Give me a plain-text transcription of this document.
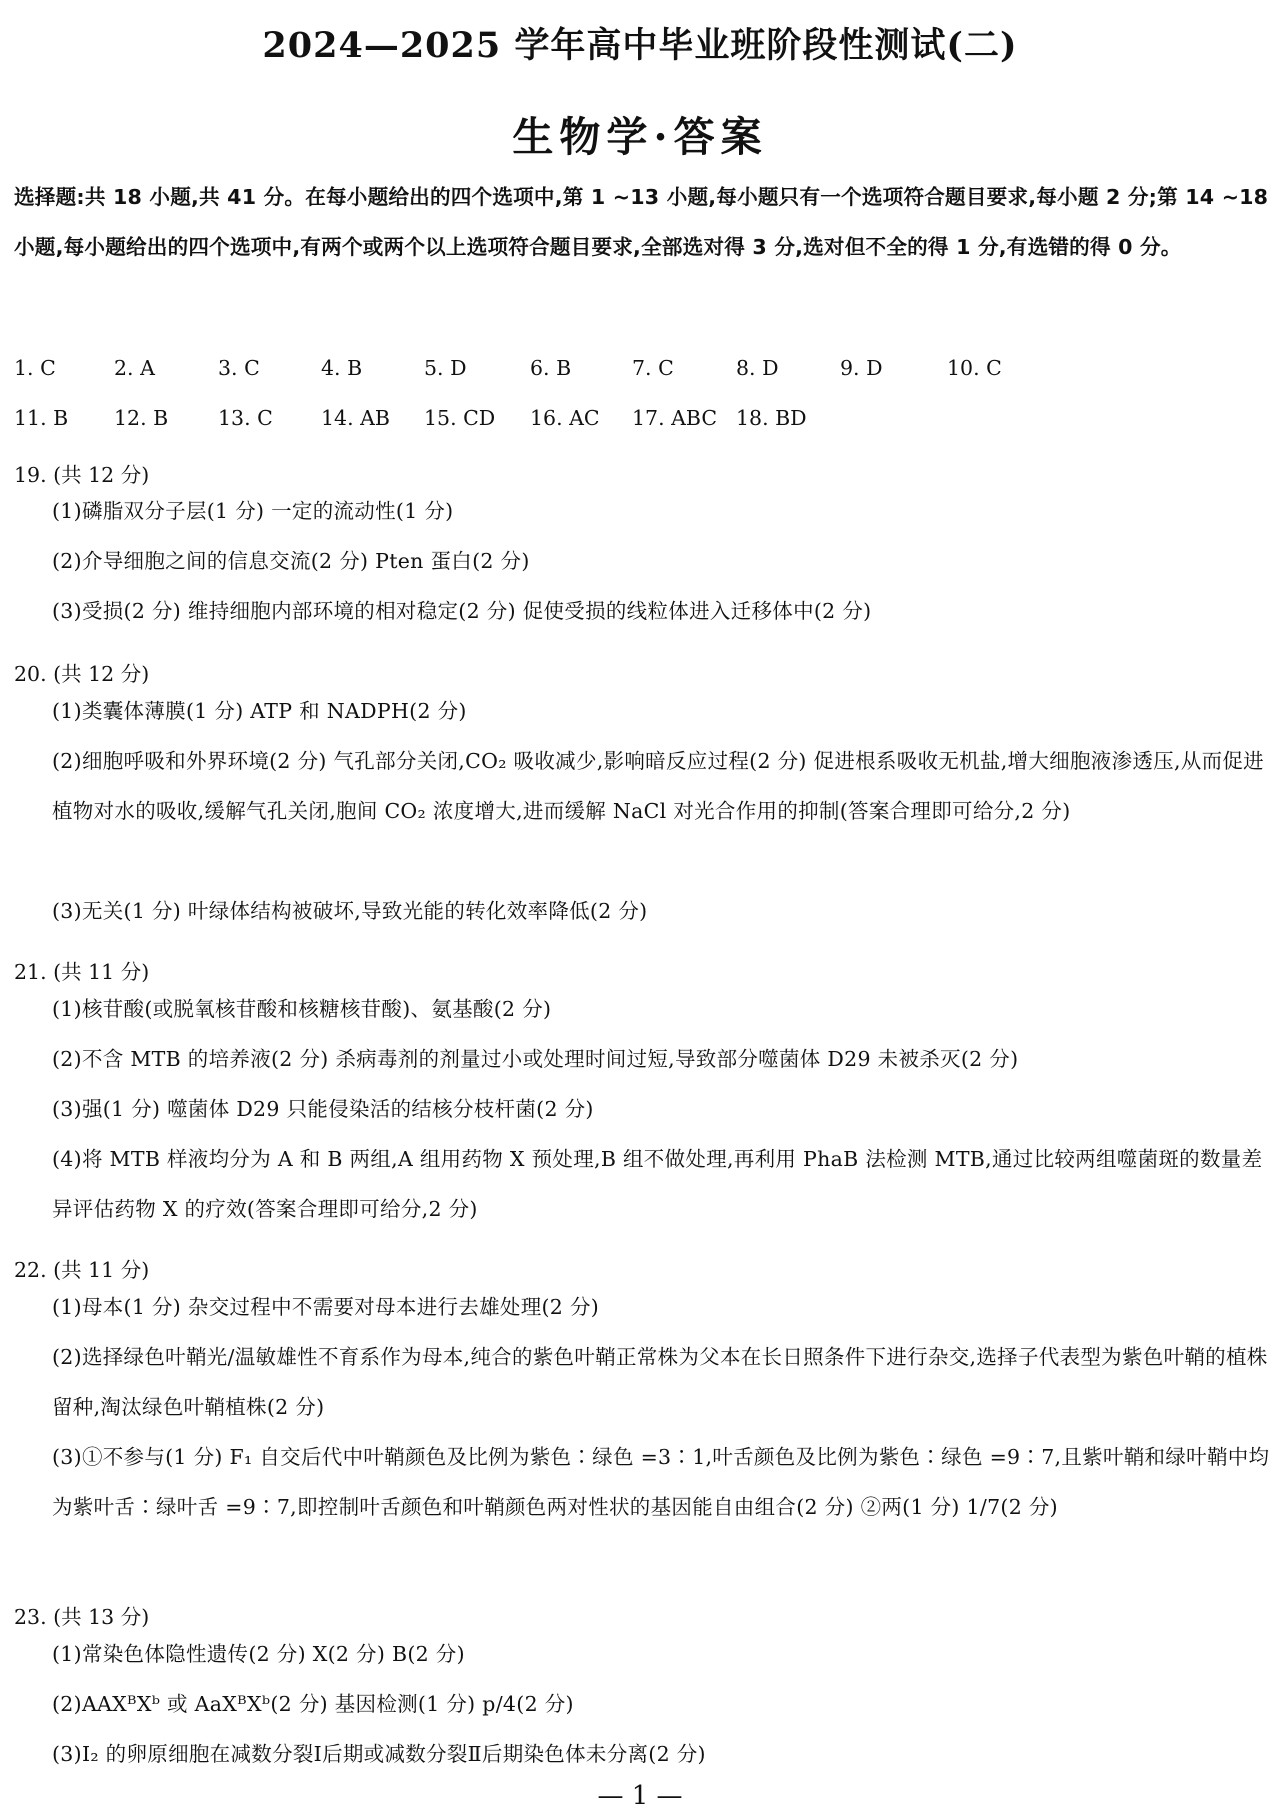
2024—2025 学年高中毕业班阶段性测试(二)
生物学·答案
选择题:共 18 小题,共 41 分。在每小题给出的四个选项中,第 1 ~13 小题,每小题只有一个选项符合题目要求,每小题 2 分;第 14 ~18 小题,每小题给出的四个选项中,有两个或两个以上选项符合题目要求,全部选对得 3 分,选对但不全的得 1 分,有选错的得 0 分。
1. C	2. A	3. C	4. B	5. D	6. B	7. C	8. D	9. D	10. C
11. B 12. B 13. C 14. AB 15. CD 16. AC 17. ABC 18. BD
19. (共 12 分)
(1)磷脂双分子层(1 分) 一定的流动性(1 分)
(2)介导细胞之间的信息交流(2 分) Pten 蛋白(2 分)
(3)受损(2 分) 维持细胞内部环境的相对稳定(2 分) 促使受损的线粒体进入迁移体中(2 分)
20. (共 12 分)
(1)类囊体薄膜(1 分) ATP 和 NADPH(2 分)
(2)细胞呼吸和外界环境(2 分) 气孔部分关闭,CO₂ 吸收减少,影响暗反应过程(2 分) 促进根系吸收无机盐,增大细胞液渗透压,从而促进植物对水的吸收,缓解气孔关闭,胞间 CO₂ 浓度增大,进而缓解 NaCl 对光合作用的抑制(答案合理即可给分,2 分)
(3)无关(1 分) 叶绿体结构被破坏,导致光能的转化效率降低(2 分)
21. (共 11 分)
(1)核苷酸(或脱氧核苷酸和核糖核苷酸)、氨基酸(2 分)
(2)不含 MTB 的培养液(2 分) 杀病毒剂的剂量过小或处理时间过短,导致部分噬菌体 D29 未被杀灭(2 分)
(3)强(1 分) 噬菌体 D29 只能侵染活的结核分枝杆菌(2 分)
(4)将 MTB 样液均分为 A 和 B 两组,A 组用药物 X 预处理,B 组不做处理,再利用 PhaB 法检测 MTB,通过比较两组噬菌斑的数量差异评估药物 X 的疗效(答案合理即可给分,2 分)
22. (共 11 分)
(1)母本(1 分) 杂交过程中不需要对母本进行去雄处理(2 分)
(2)选择绿色叶鞘光/温敏雄性不育系作为母本,纯合的紫色叶鞘正常株为父本在长日照条件下进行杂交,选择子代表型为紫色叶鞘的植株留种,淘汰绿色叶鞘植株(2 分)
(3)①不参与(1 分) F₁ 自交后代中叶鞘颜色及比例为紫色∶绿色 =3∶1,叶舌颜色及比例为紫色∶绿色 =9∶7,且紫叶鞘和绿叶鞘中均为紫叶舌∶绿叶舌 =9∶7,即控制叶舌颜色和叶鞘颜色两对性状的基因能自由组合(2 分) ②两(1 分) 1/7(2 分)
23. (共 13 分)
(1)常染色体隐性遗传(2 分) X(2 分) B(2 分)
(2)AAXᴮXᵇ 或 AaXᴮXᵇ(2 分) 基因检测(1 分) p/4(2 分)
(3)Ⅰ₂ 的卵原细胞在减数分裂Ⅰ后期或减数分裂Ⅱ后期染色体未分离(2 分)
— 1 —
